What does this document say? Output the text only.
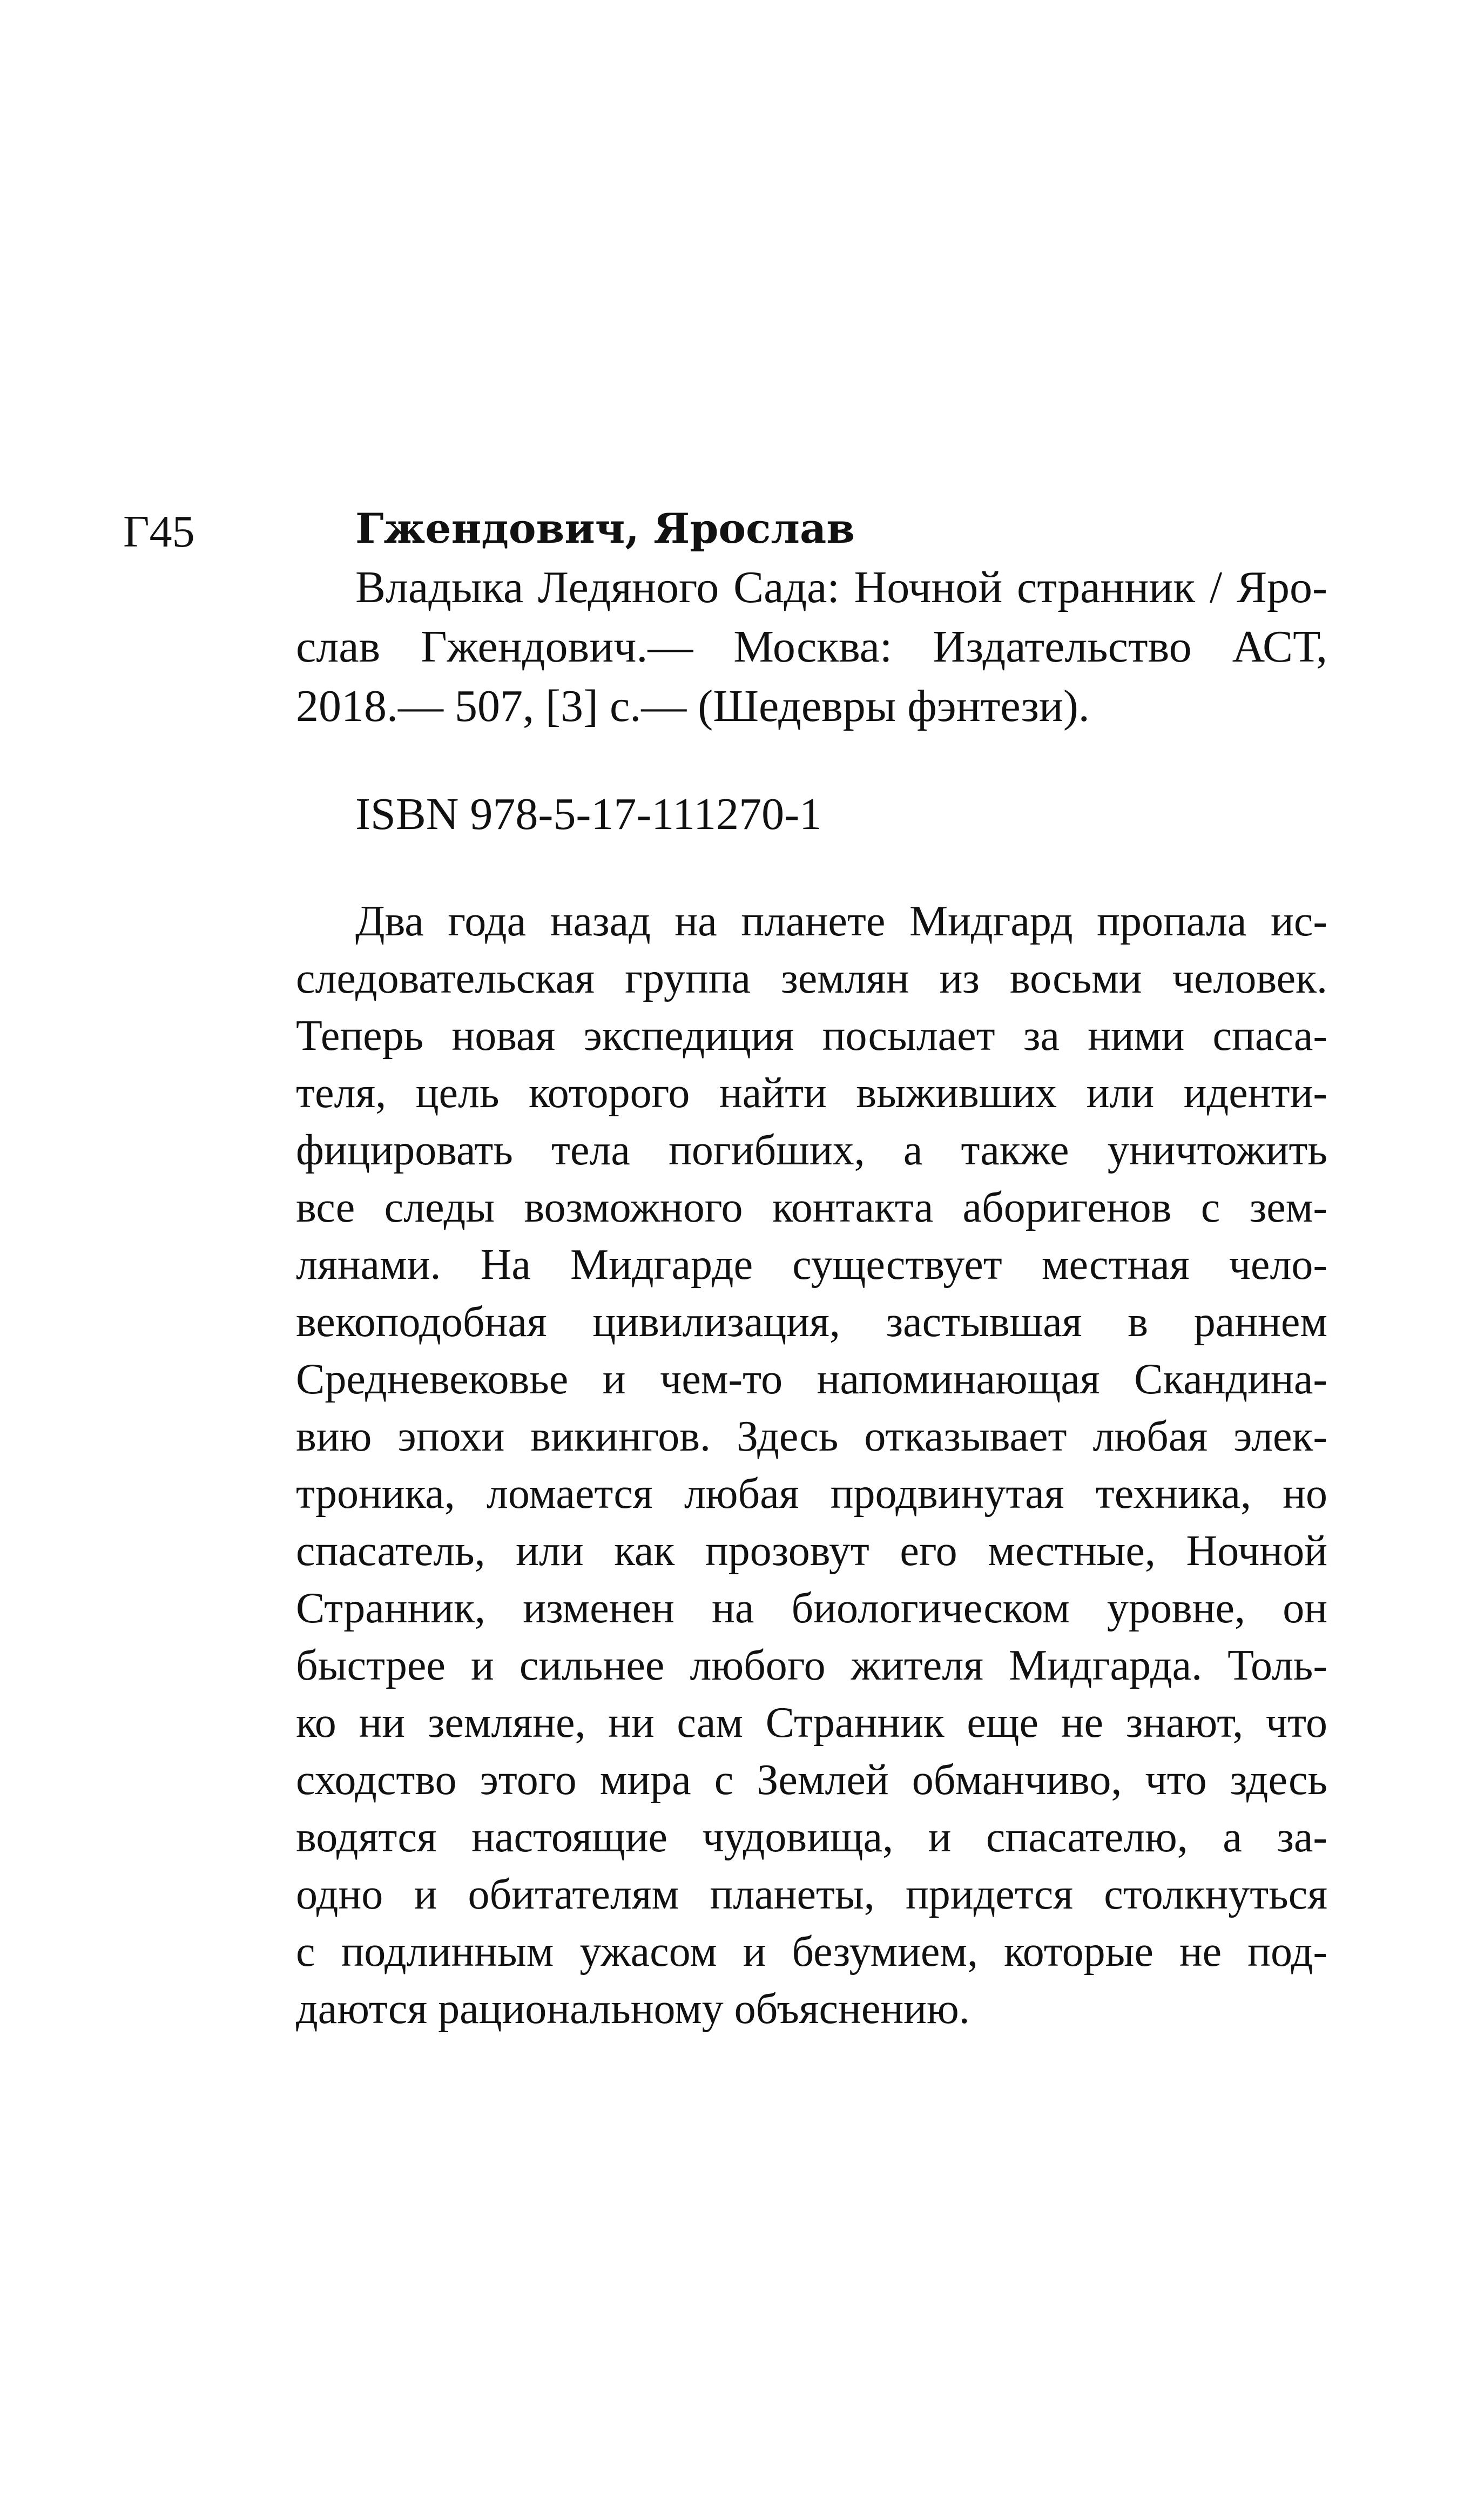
Г45	Гжендович, Ярослав
Владыка Ледяного Сада: Ночной странник / Яро-
слав Гжендович.— Москва: Издательство АСТ,
2018.— 507, [3] с.— (Шедевры фэнтези).
ISBN 978-5-17-111270-1
Два года назад на планете Мидгард пропала ис-
следовательская группа землян из восьми человек.
Теперь новая экспедиция посылает за ними спаса-
теля, цель которого найти выживших или иденти-
фицировать тела погибших, а также уничтожить
все следы возможного контакта аборигенов с зем-
лянами. На Мидгарде существует местная чело-
векоподобная цивилизация, застывшая в раннем
Средневековье и чем-то напоминающая Скандина-
вию эпохи викингов. Здесь отказывает любая элек-
троника, ломается любая продвинутая техника, но
спасатель, или как прозовут его местные, Ночной
Странник, изменен на биологическом уровне, он
быстрее и сильнее любого жителя Мидгарда. Толь-
ко ни земляне, ни сам Странник еще не знают, что
сходство этого мира с Землей обманчиво, что здесь
водятся настоящие чудовища, и спасателю, а за-
одно и обитателям планеты, придется столкнуться
с подлинным ужасом и безумием, которые не под-
даются рациональному объяснению.
